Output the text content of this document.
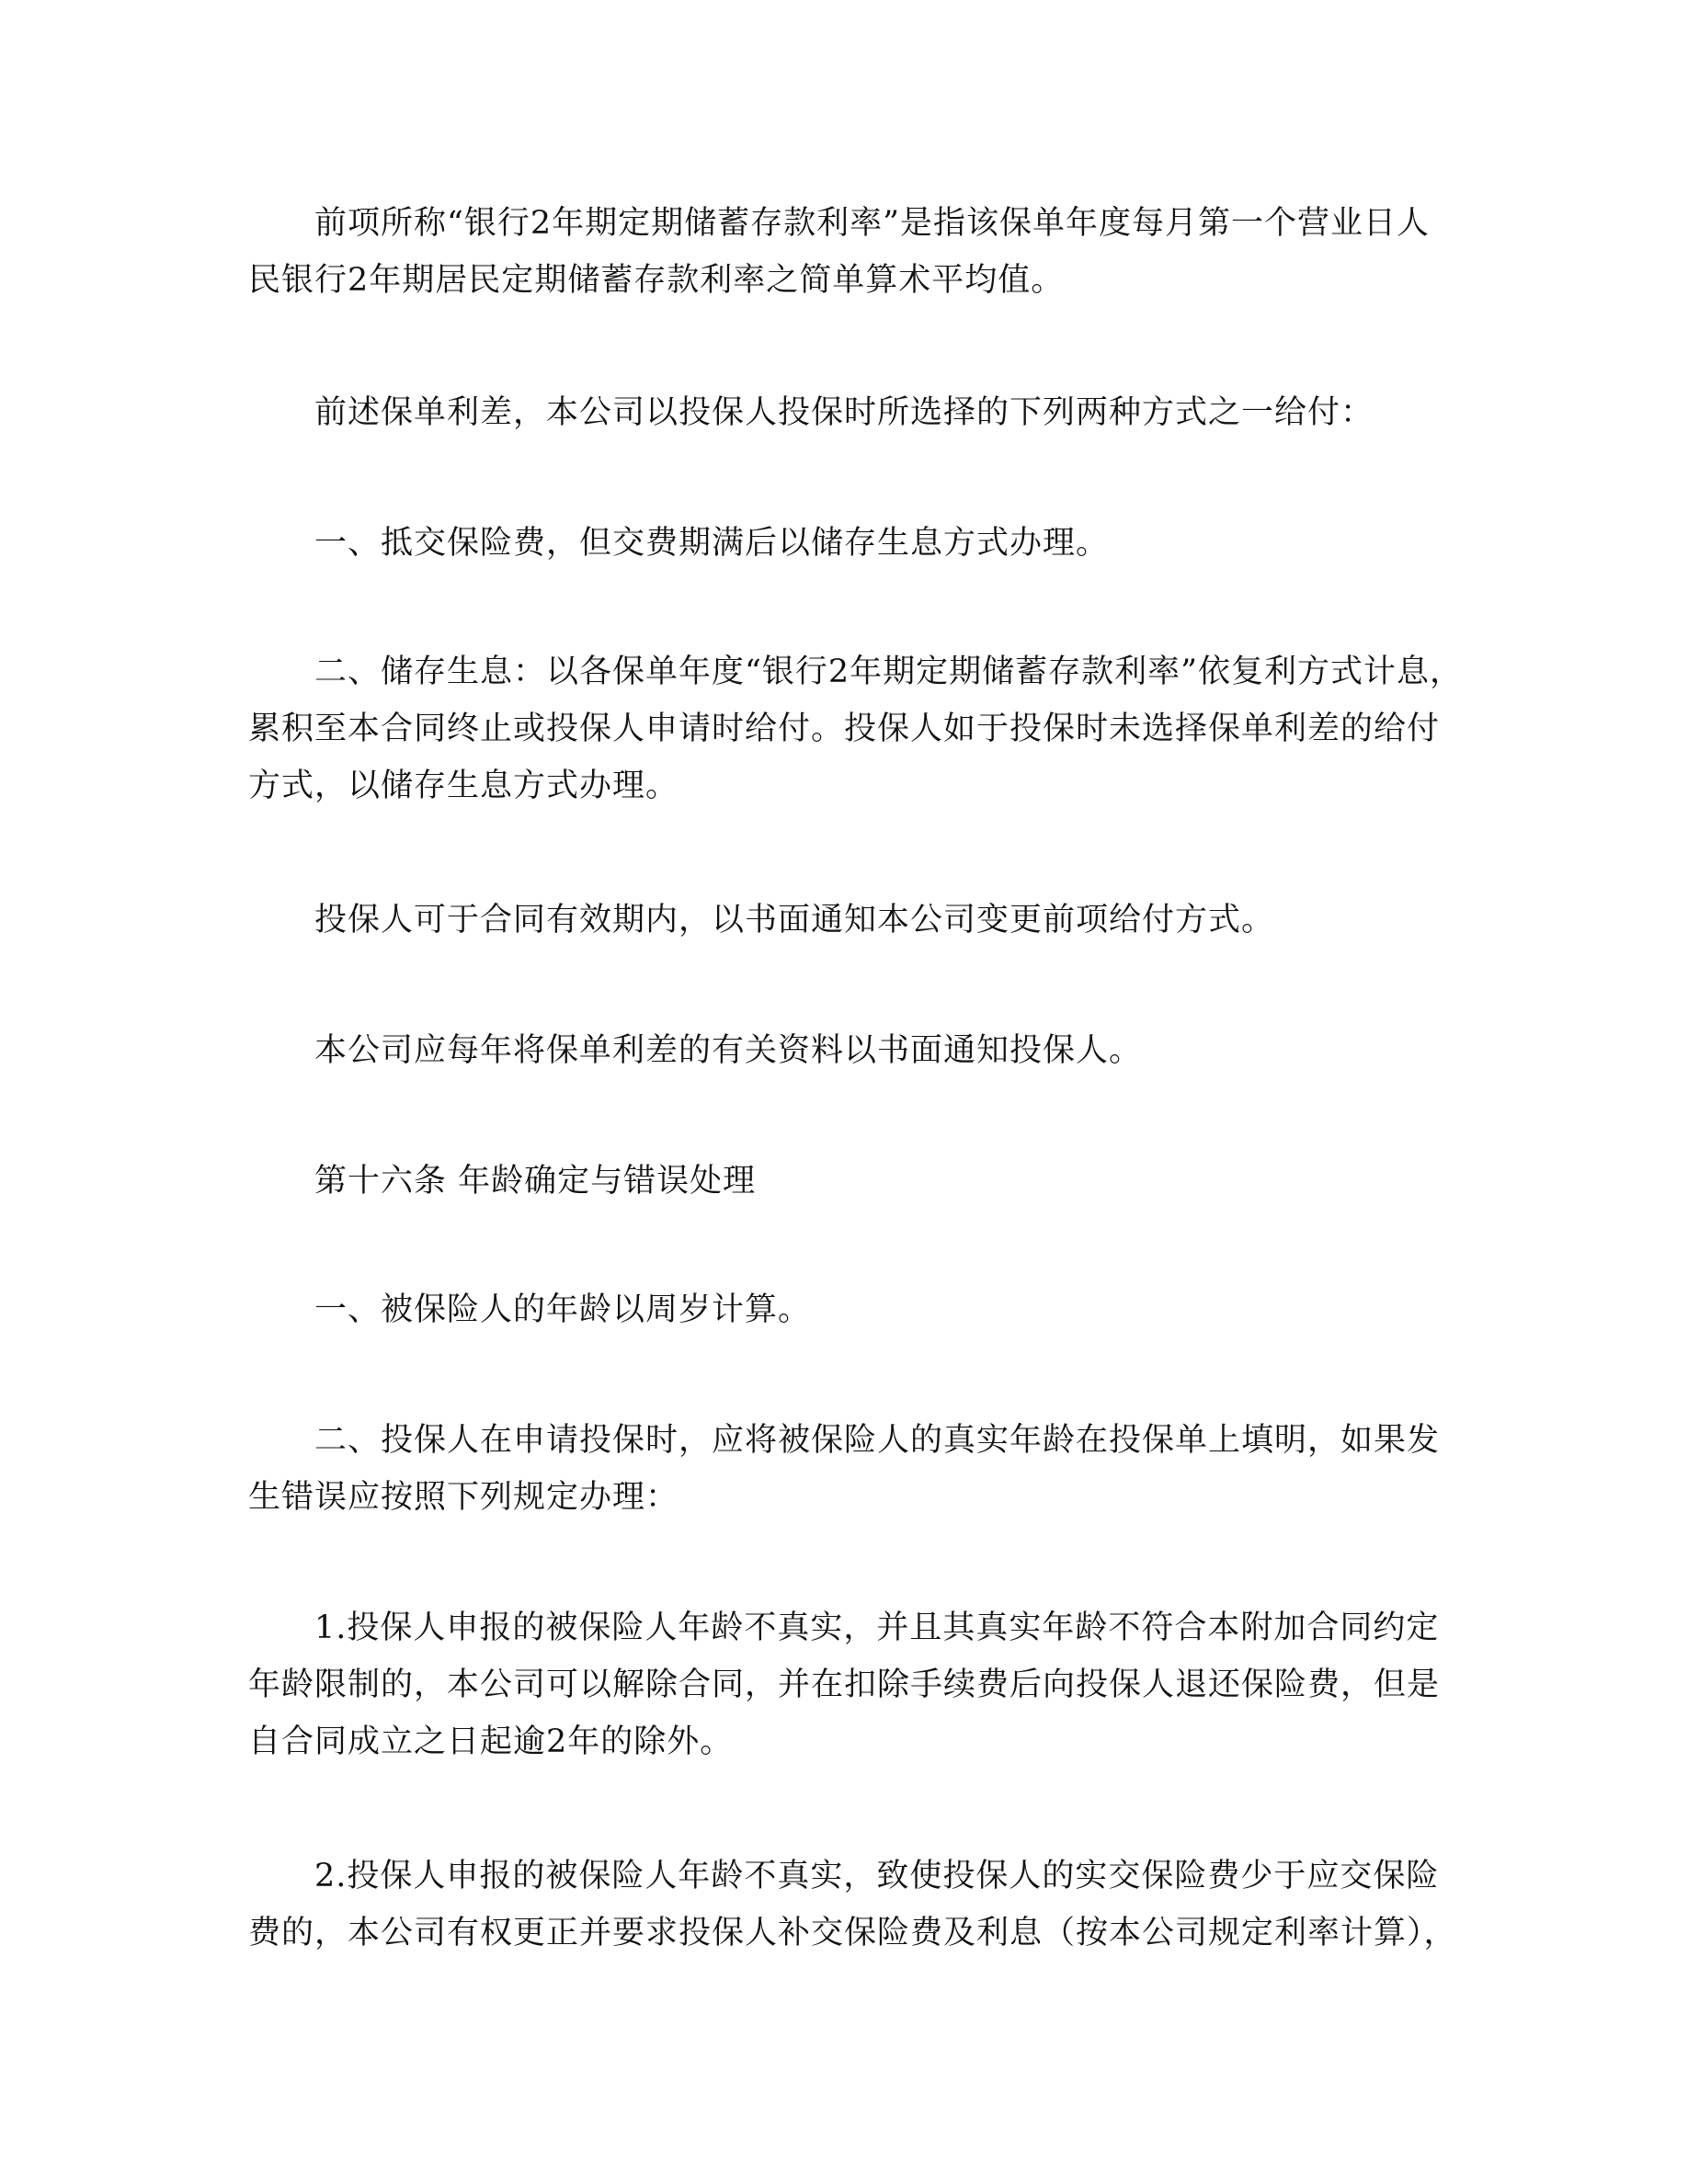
前项所称“银行2年期定期储蓄存款利率”是指该保单年度每月第一个营业日人
民银行2年期居民定期储蓄存款利率之简单算术平均值。
前述保单利差，本公司以投保人投保时所选择的下列两种方式之一给付：
一、抵交保险费，但交费期满后以储存生息方式办理。
二、储存生息：以各保单年度“银行2年期定期储蓄存款利率”依复利方式计息，
累积至本合同终止或投保人申请时给付。投保人如于投保时未选择保单利差的给付
方式，以储存生息方式办理。
投保人可于合同有效期内，以书面通知本公司变更前项给付方式。
本公司应每年将保单利差的有关资料以书面通知投保人。
第十六条 年龄确定与错误处理
一、被保险人的年龄以周岁计算。
二、投保人在申请投保时，应将被保险人的真实年龄在投保单上填明，如果发
生错误应按照下列规定办理：
1.投保人申报的被保险人年龄不真实，并且其真实年龄不符合本附加合同约定
年龄限制的，本公司可以解除合同，并在扣除手续费后向投保人退还保险费，但是
自合同成立之日起逾2年的除外。
2.投保人申报的被保险人年龄不真实，致使投保人的实交保险费少于应交保险
费的，本公司有权更正并要求投保人补交保险费及利息（按本公司规定利率计算），
